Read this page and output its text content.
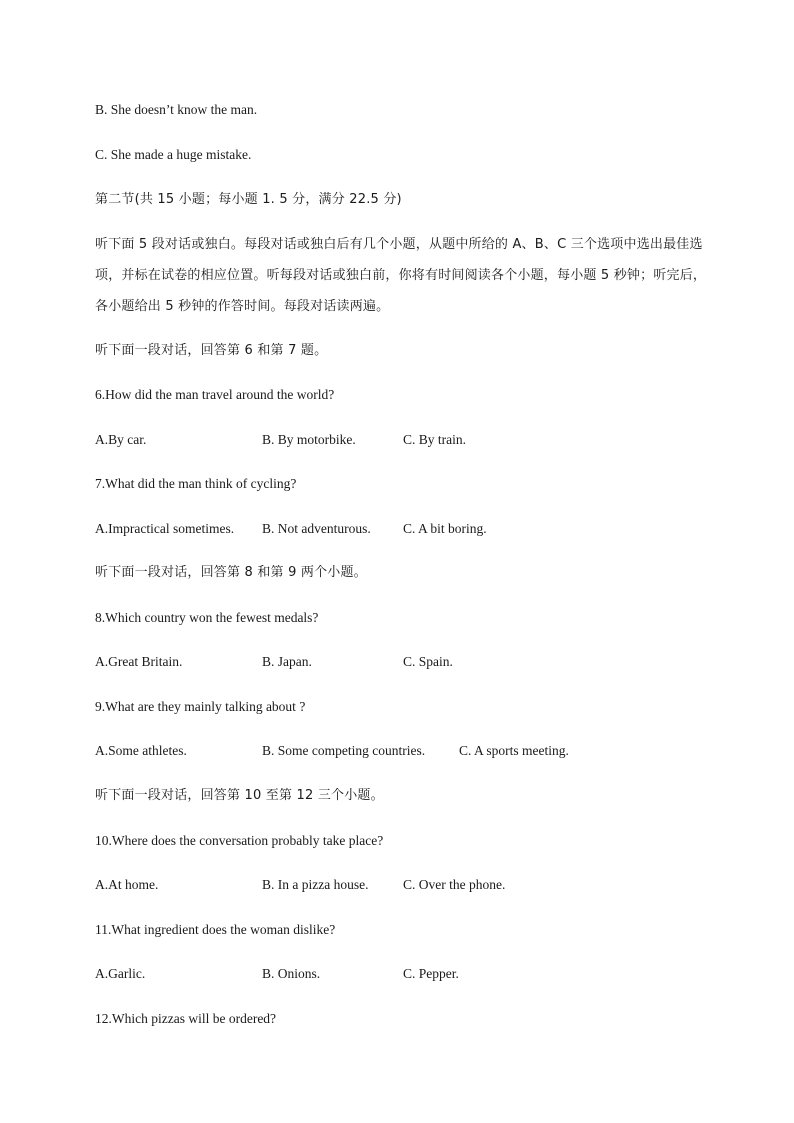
B. She doesn’t know the man.

C. She made a huge mistake.

第二节(共 15 小题；每小题 1. 5 分，满分 22.5 分)

听下面 5 段对话或独白。每段对话或独白后有几个小题，从题中所给的 A、B、C 三个选项中选出最佳选项，并标在试卷的相应位置。听每段对话或独白前，你将有时间阅读各个小题，每小题 5 秒钟；听完后，各小题给出 5 秒钟的作答时间。每段对话读两遍。

听下面一段对话，回答第 6 和第 7 题。

6.How did the man travel around the world?

A.By car.	B. By motorbike.	C. By train.

7.What did the man think of cycling?

A.Impractical sometimes. B. Not adventurous. C. A bit boring.

听下面一段对话，回答第 8 和第 9 两个小题。

8.Which country won the fewest medals?

A.Great Britain.	B. Japan.	C. Spain.

9.What are they mainly talking about ?

A.Some athletes.	B. Some competing countries.	C. A sports meeting.

听下面一段对话，回答第 10 至第 12 三个小题。

10.Where does the conversation probably take place?

A.At home.	B. In a pizza house.	C. Over the phone.

11.What ingredient does the woman dislike?

A.Garlic.	B. Onions.	C. Pepper.

12.Which pizzas will be ordered?
